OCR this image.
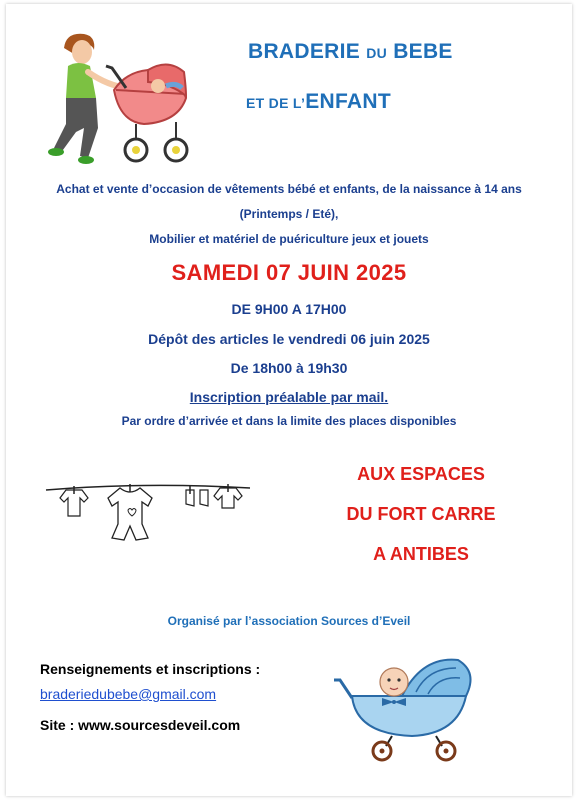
BRADERIE DU BEBE
ET DE L’ENFANT
Achat et vente d’occasion de vêtements bébé et enfants, de la naissance à 14 ans
(Printemps / Eté),
Mobilier et matériel de puériculture jeux et jouets
SAMEDI 07 JUIN 2025
DE 9H00 A 17H00
Dépôt des articles le vendredi 06 juin 2025
De 18h00 à 19h30
Inscription préalable par mail.
Par ordre d’arrivée et dans la limite des places disponibles
AUX ESPACES
DU FORT CARRE
A ANTIBES
Organisé par l’association Sources d’Eveil
Renseignements et inscriptions :
braderiedubebe@gmail.com
Site : www.sourcesdeveil.com
